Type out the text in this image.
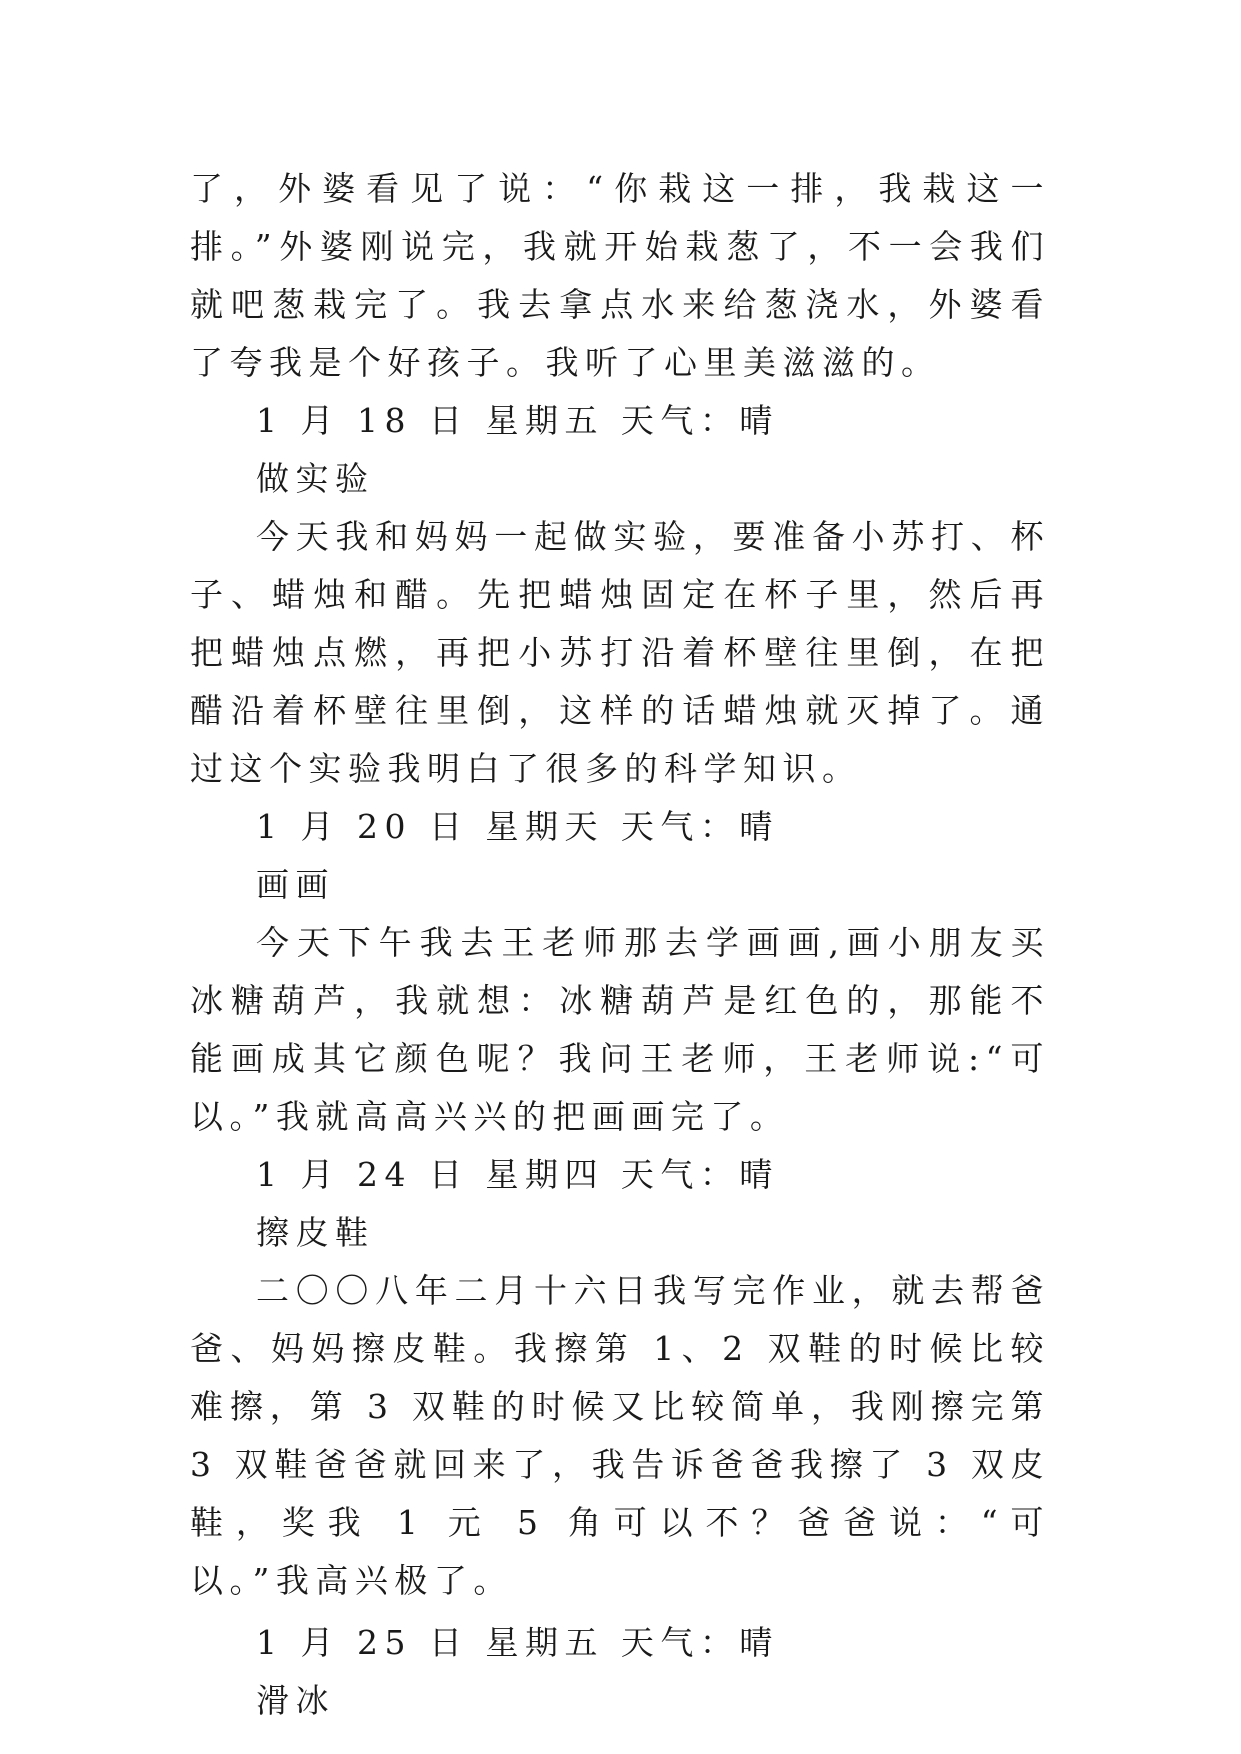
了，外婆看见了说：“你栽这一排，我栽这一排。”外婆刚说完，我就开始栽葱了，不一会我们就吧葱栽完了。我去拿点水来给葱浇水，外婆看了夸我是个好孩子。我听了心里美滋滋的。

1 月 18 日 星期五 天气：晴

做实验

今天我和妈妈一起做实验，要准备小苏打、杯子、蜡烛和醋。先把蜡烛固定在杯子里，然后再把蜡烛点燃，再把小苏打沿着杯壁往里倒，在把醋沿着杯壁往里倒，这样的话蜡烛就灭掉了。通过这个实验我明白了很多的科学知识。

1 月 20 日 星期天 天气：晴

画画

今天下午我去王老师那去学画画,画小朋友买冰糖葫芦，我就想：冰糖葫芦是红色的，那能不能画成其它颜色呢？我问王老师，王老师说:“可以。”我就高高兴兴的把画画完了。

1 月 24 日 星期四 天气：晴

擦皮鞋

二〇〇八年二月十六日我写完作业，就去帮爸爸、妈妈擦皮鞋。我擦第 1、2 双鞋的时候比较难擦，第 3 双鞋的时候又比较简单，我刚擦完第 3 双鞋爸爸就回来了，我告诉爸爸我擦了 3 双皮鞋，奖我 1 元 5 角可以不？爸爸说：“可以。”我高兴极了。

1 月 25 日 星期五 天气：晴

滑冰
